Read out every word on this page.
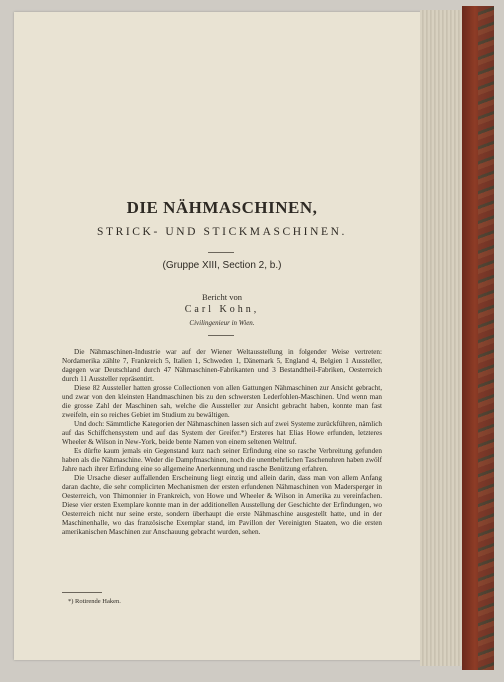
DIE NÄHMASCHINEN,
STRICK- UND STICKMASCHINEN.
(Gruppe XIII, Section 2, b.)
Bericht von
Carl Kohn,
Civilingenieur in Wien.

Die Nähmaschinen-Industrie war auf der Wiener Weltausstellung in folgender Weise vertreten: Nordamerika zählte 7, Frankreich 5, Italien 1, Schweden 1, Dänemark 5, England 4, Belgien 1 Aussteller, dagegen war Deutschland durch 47 Nähmaschinen-Fabrikanten und 3 Bestandtheil-Fabriken, Oesterreich durch 11 Aussteller repräsentirt.

Diese 82 Aussteller hatten grosse Collectionen von allen Gattungen Nähmaschinen zur Ansicht gebracht, und zwar von den kleinsten Handmaschinen bis zu den schwersten Lederfohlen-Maschinen. Und wenn man die grosse Zahl der Maschinen sah, welche die Aussteller zur Ansicht gebracht haben, konnte man fast zweifeln, ein so reiches Gebiet im Studium zu bewältigen.

Und doch: Sämmtliche Kategorien der Nähmaschinen lassen sich auf zwei Systeme zurückführen, nämlich auf das Schiffchensystem und auf das System der Greifer.*) Ersteres hat Elias Howe erfunden, letzteres Wheeler & Wilson in New-York, beide bente Namen von einem seltenen Weltruf.

Es dürfte kaum jemals ein Gegenstand kurz nach seiner Erfindung eine so rasche Verbreitung gefunden haben als die Nähmaschine. Weder die Dampfmaschinen, noch die unentbehrlichen Taschenuhren haben zwölf Jahre nach ihrer Erfindung eine so allgemeine Anerkennung und rasche Benützung erfahren.

Die Ursache dieser auffallenden Erscheinung liegt einzig und allein darin, dass man von allem Anfang daran dachte, die sehr complicirten Mechanismen der ersten erfundenen Nähmaschinen von Madersperger in Oesterreich, von Thimonnier in Frankreich, von Howe und Wheeler & Wilson in Amerika zu vereinfachen. Diese vier ersten Exemplare konnte man in der additionellen Ausstellung der Geschichte der Erfindungen, wo Oesterreich nicht nur seine erste, sondern überhaupt die erste Nähmaschine ausgestellt hatte, und in der Maschinenhalle, wo das französische Exemplar stand, im Pavillon der Vereinigten Staaten, wo die ersten amerikanischen Maschinen zur Anschauung gebracht wurden, sehen.

*) Rotirende Haken.
